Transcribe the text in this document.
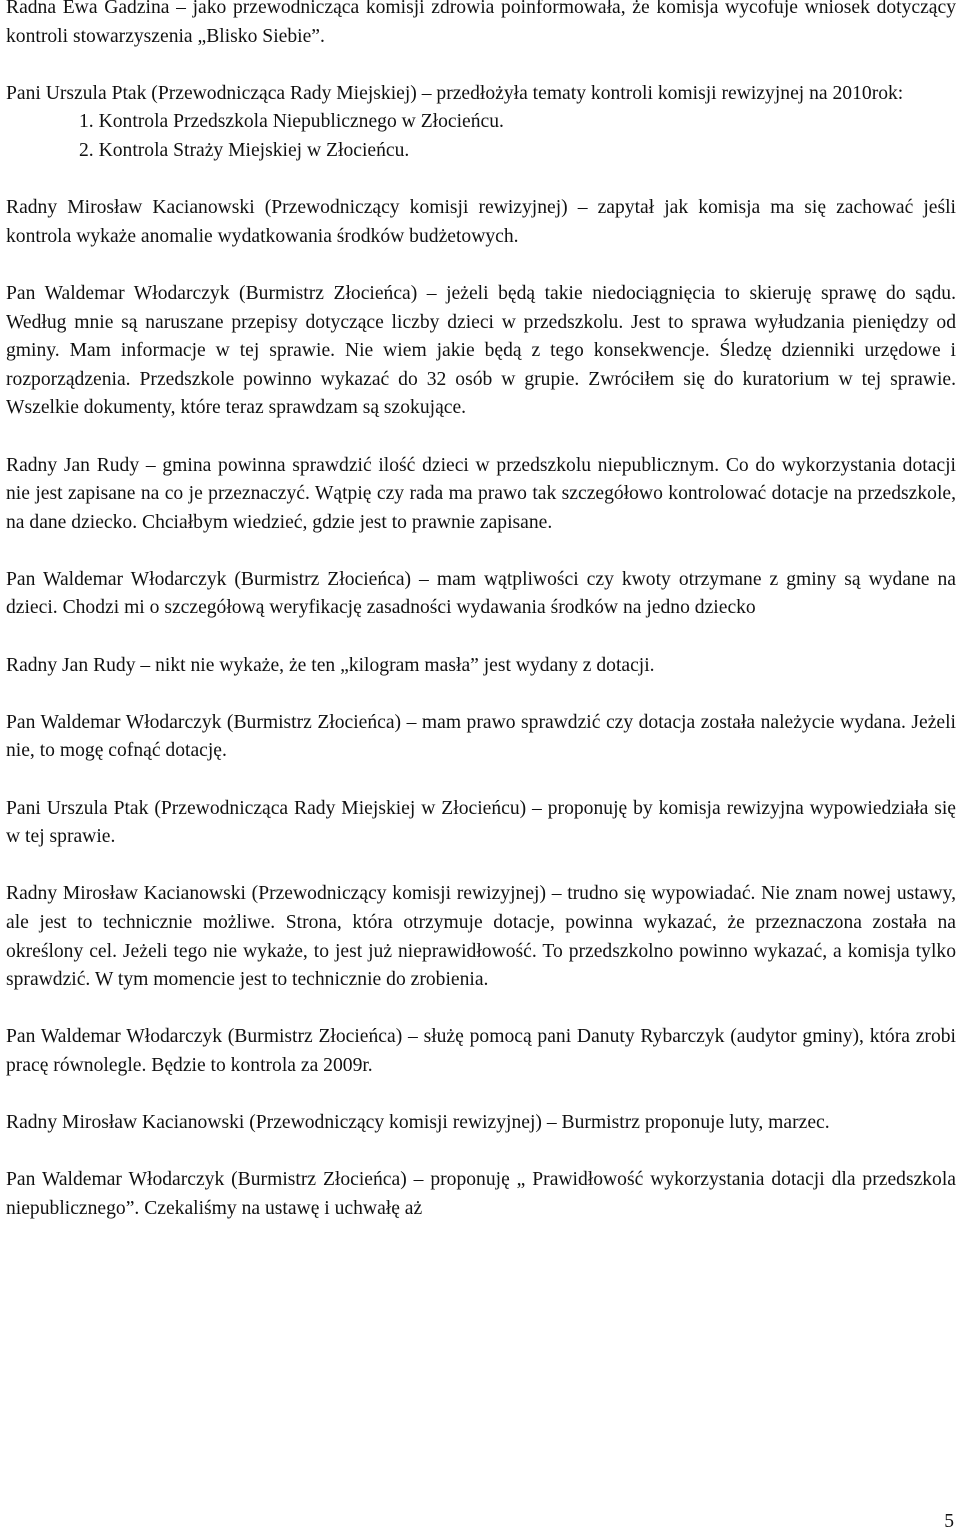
Radna Ewa Gadzina – jako przewodnicząca komisji zdrowia poinformowała, że komisja wycofuje wniosek dotyczący kontroli stowarzyszenia „Blisko Siebie”.

Pani Urszula Ptak (Przewodnicząca Rady Miejskiej) – przedłożyła tematy kontroli komisji rewizyjnej na 2010rok:
1. Kontrola Przedszkola Niepublicznego w Złocieńcu.
2. Kontrola Straży Miejskiej w Złocieńcu.

Radny Mirosław Kacianowski (Przewodniczący komisji rewizyjnej) – zapytał jak komisja ma się zachować jeśli kontrola wykaże anomalie wydatkowania środków budżetowych.

Pan Waldemar Włodarczyk (Burmistrz Złocieńca) – jeżeli będą takie niedociągnięcia to skieruję sprawę do sądu. Według mnie są naruszane przepisy dotyczące liczby dzieci w przedszkolu. Jest to sprawa wyłudzania pieniędzy od gminy. Mam informacje w tej sprawie. Nie wiem jakie będą z tego konsekwencje. Śledzę dzienniki urzędowe i rozporządzenia. Przedszkole powinno wykazać do 32 osób w grupie. Zwróciłem się do kuratorium w tej sprawie. Wszelkie dokumenty, które teraz sprawdzam są szokujące.

Radny Jan Rudy – gmina powinna sprawdzić ilość dzieci w przedszkolu niepublicznym. Co do wykorzystania dotacji nie jest zapisane na co je przeznaczyć. Wątpię czy rada ma prawo tak szczegółowo kontrolować dotacje na przedszkole, na dane dziecko. Chciałbym wiedzieć, gdzie jest to prawnie zapisane.

Pan Waldemar Włodarczyk (Burmistrz Złocieńca) – mam wątpliwości czy kwoty otrzymane z gminy są wydane na dzieci. Chodzi mi o szczegółową weryfikację zasadności wydawania środków na jedno dziecko

Radny Jan Rudy – nikt nie wykaże, że ten „kilogram masła” jest wydany z dotacji.

Pan Waldemar Włodarczyk (Burmistrz Złocieńca) – mam prawo sprawdzić czy dotacja została należycie wydana. Jeżeli nie, to mogę cofnąć dotację.

Pani Urszula Ptak (Przewodnicząca Rady Miejskiej w Złocieńcu) – proponuję by komisja rewizyjna wypowiedziała się w tej sprawie.

Radny Mirosław Kacianowski (Przewodniczący komisji rewizyjnej) – trudno się wypowiadać. Nie znam nowej ustawy, ale jest to technicznie możliwe. Strona, która otrzymuje dotacje, powinna wykazać, że przeznaczona została na określony cel. Jeżeli tego nie wykaże, to jest już nieprawidłowość. To przedszkolno powinno wykazać, a komisja tylko sprawdzić. W tym momencie jest to technicznie do zrobienia.

Pan Waldemar Włodarczyk (Burmistrz Złocieńca) – służę pomocą pani Danuty Rybarczyk (audytor gminy), która zrobi pracę równolegle. Będzie to kontrola za 2009r.

Radny Mirosław Kacianowski (Przewodniczący komisji rewizyjnej) – Burmistrz proponuje luty, marzec.

Pan Waldemar Włodarczyk (Burmistrz Złocieńca) – proponuję „ Prawidłowość wykorzystania dotacji dla przedszkola niepublicznego”. Czekaliśmy na ustawę i uchwałę aż

5
